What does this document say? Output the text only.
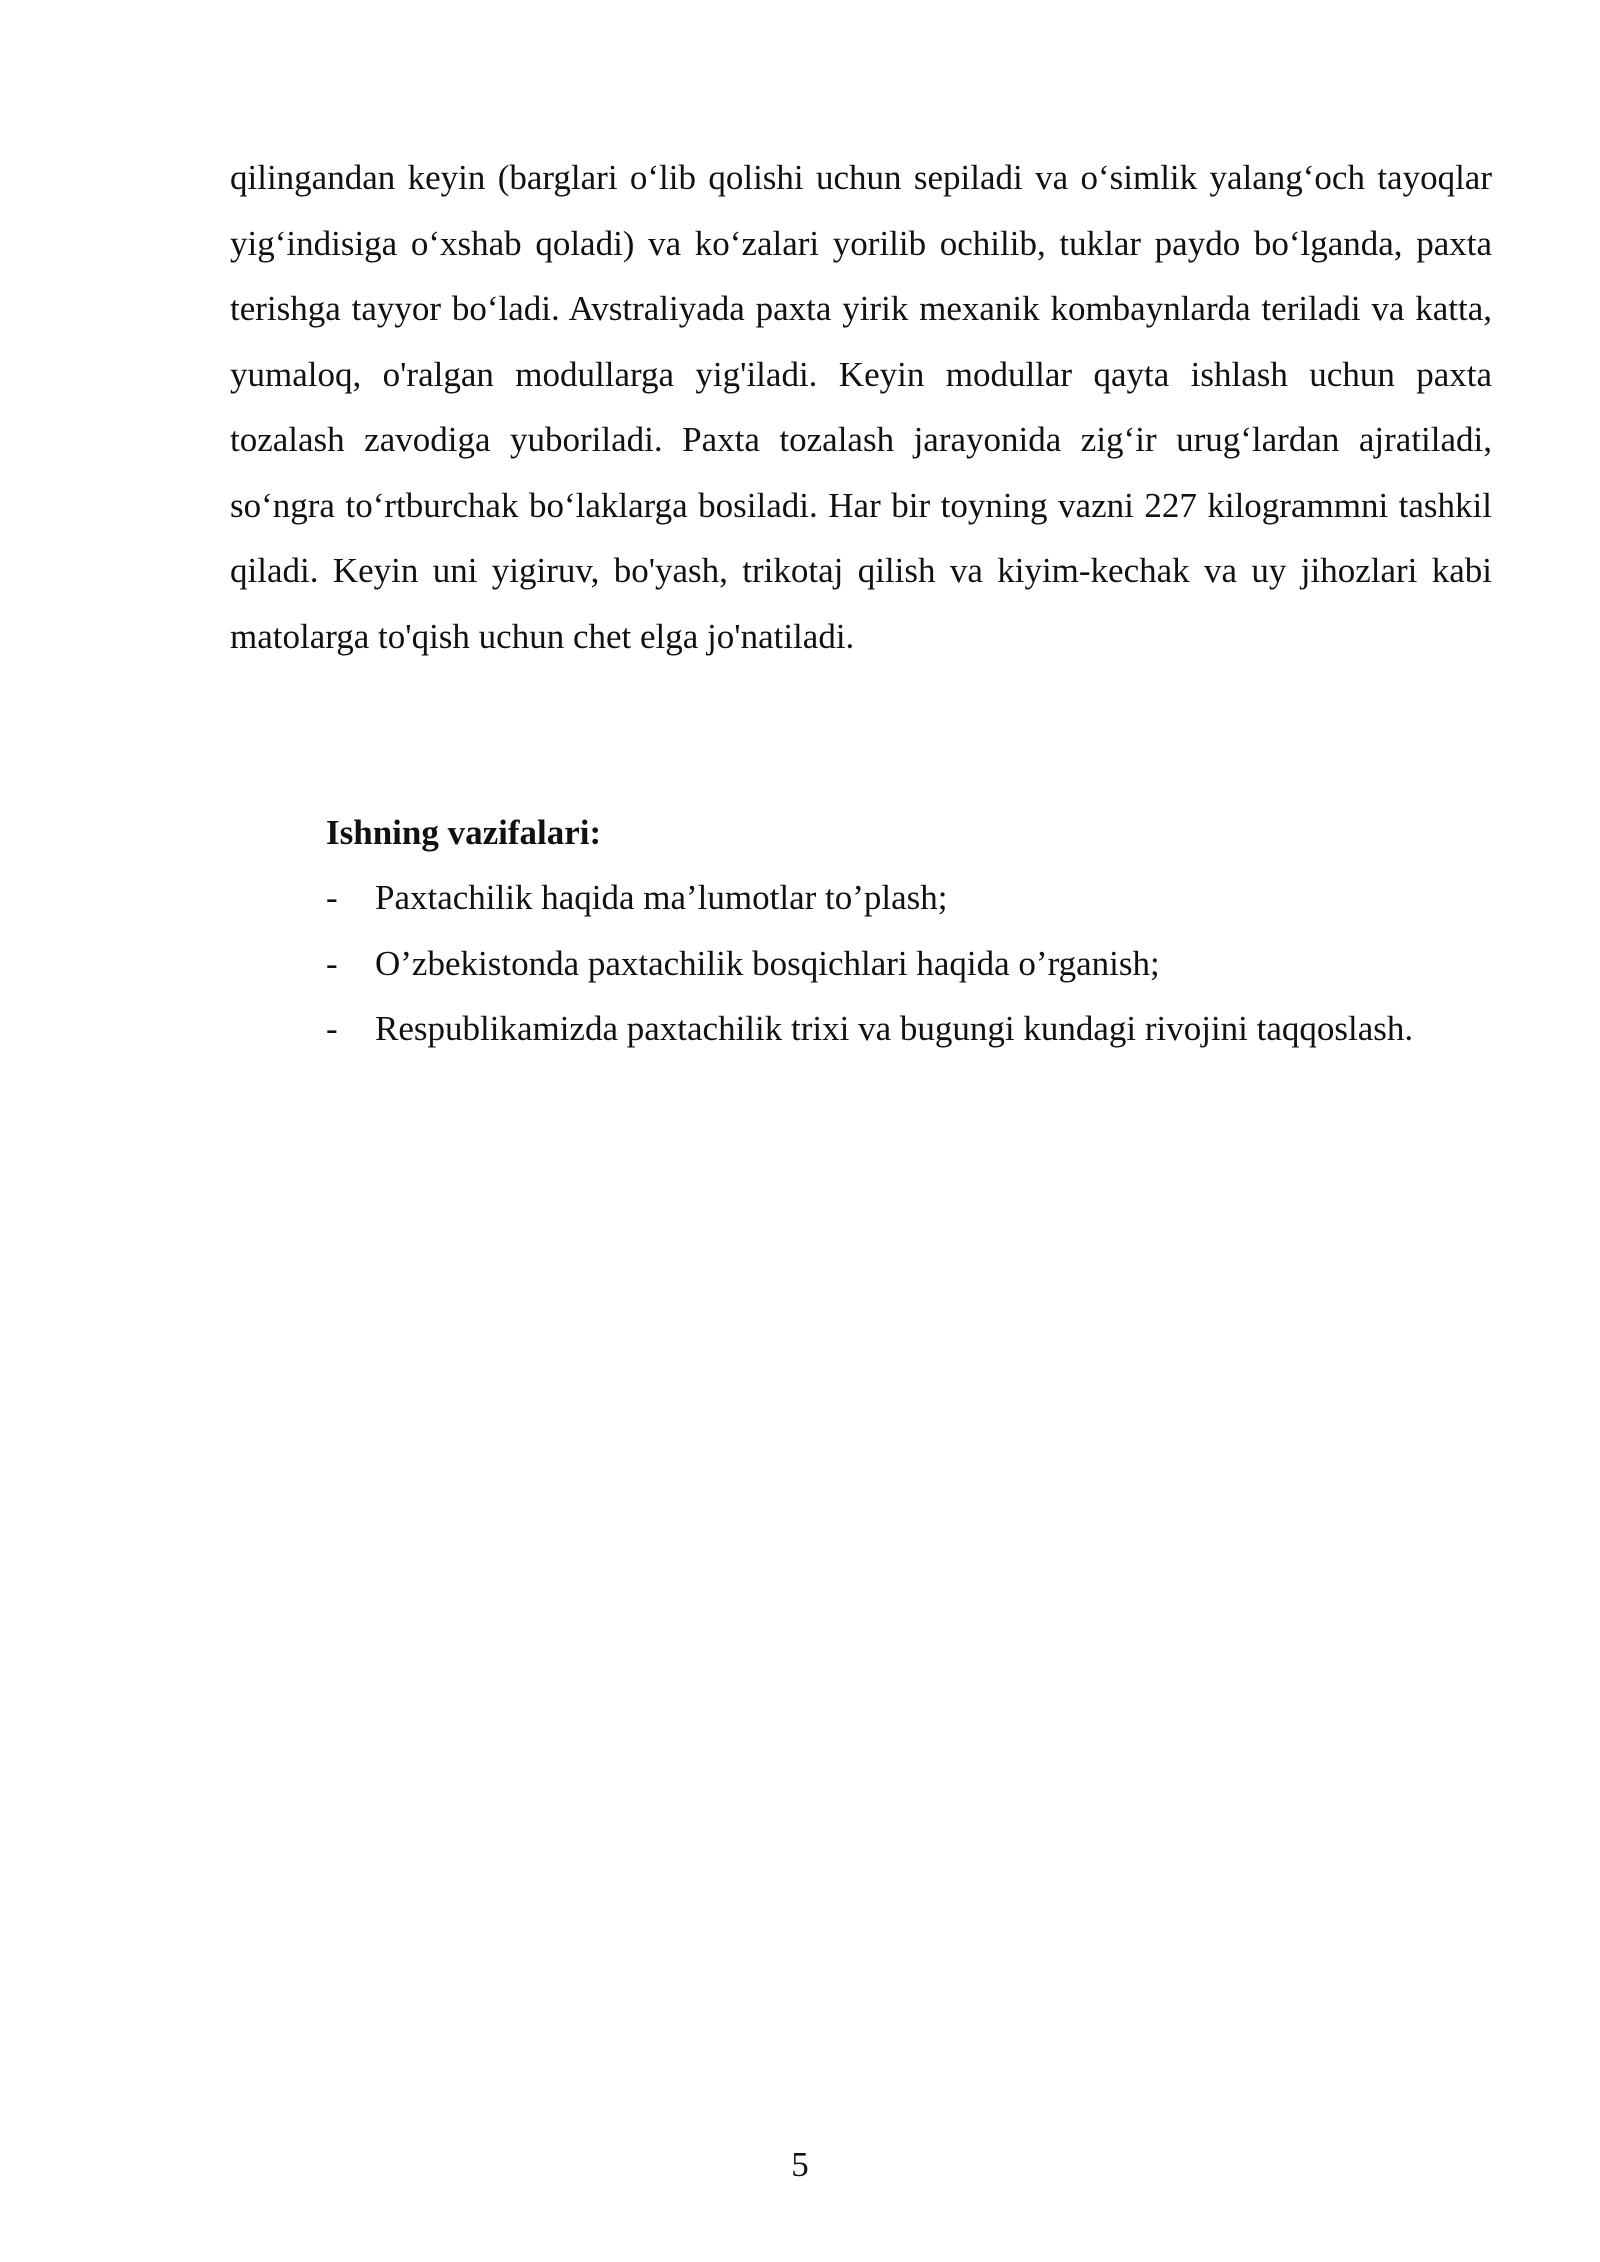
qilingandan keyin (barglari o‘lib qolishi uchun sepiladi va o‘simlik yalang‘och tayoqlar yig‘indisiga o‘xshab qoladi) va ko‘zalari yorilib ochilib, tuklar paydo bo‘lganda, paxta terishga tayyor bo‘ladi. Avstraliyada paxta yirik mexanik kombaynlarda teriladi va katta, yumaloq, o'ralgan modullarga yig'iladi. Keyin modullar qayta ishlash uchun paxta tozalash zavodiga yuboriladi. Paxta tozalash jarayonida zig‘ir urug‘lardan ajratiladi, so‘ngra to‘rtburchak bo‘laklarga bosiladi. Har bir toyning vazni 227 kilogrammni tashkil qiladi. Keyin uni yigiruv, bo'yash, trikotaj qilish va kiyim-kechak va uy jihozlari kabi matolarga to'qish uchun chet elga jo'natiladi.

Ishning vazifalari:

- Paxtachilik haqida ma’lumotlar to’plash;
- O’zbekistonda paxtachilik bosqichlari haqida o’rganish;
- Respublikamizda paxtachilik trixi va bugungi kundagi rivojini taqqoslash.
5
